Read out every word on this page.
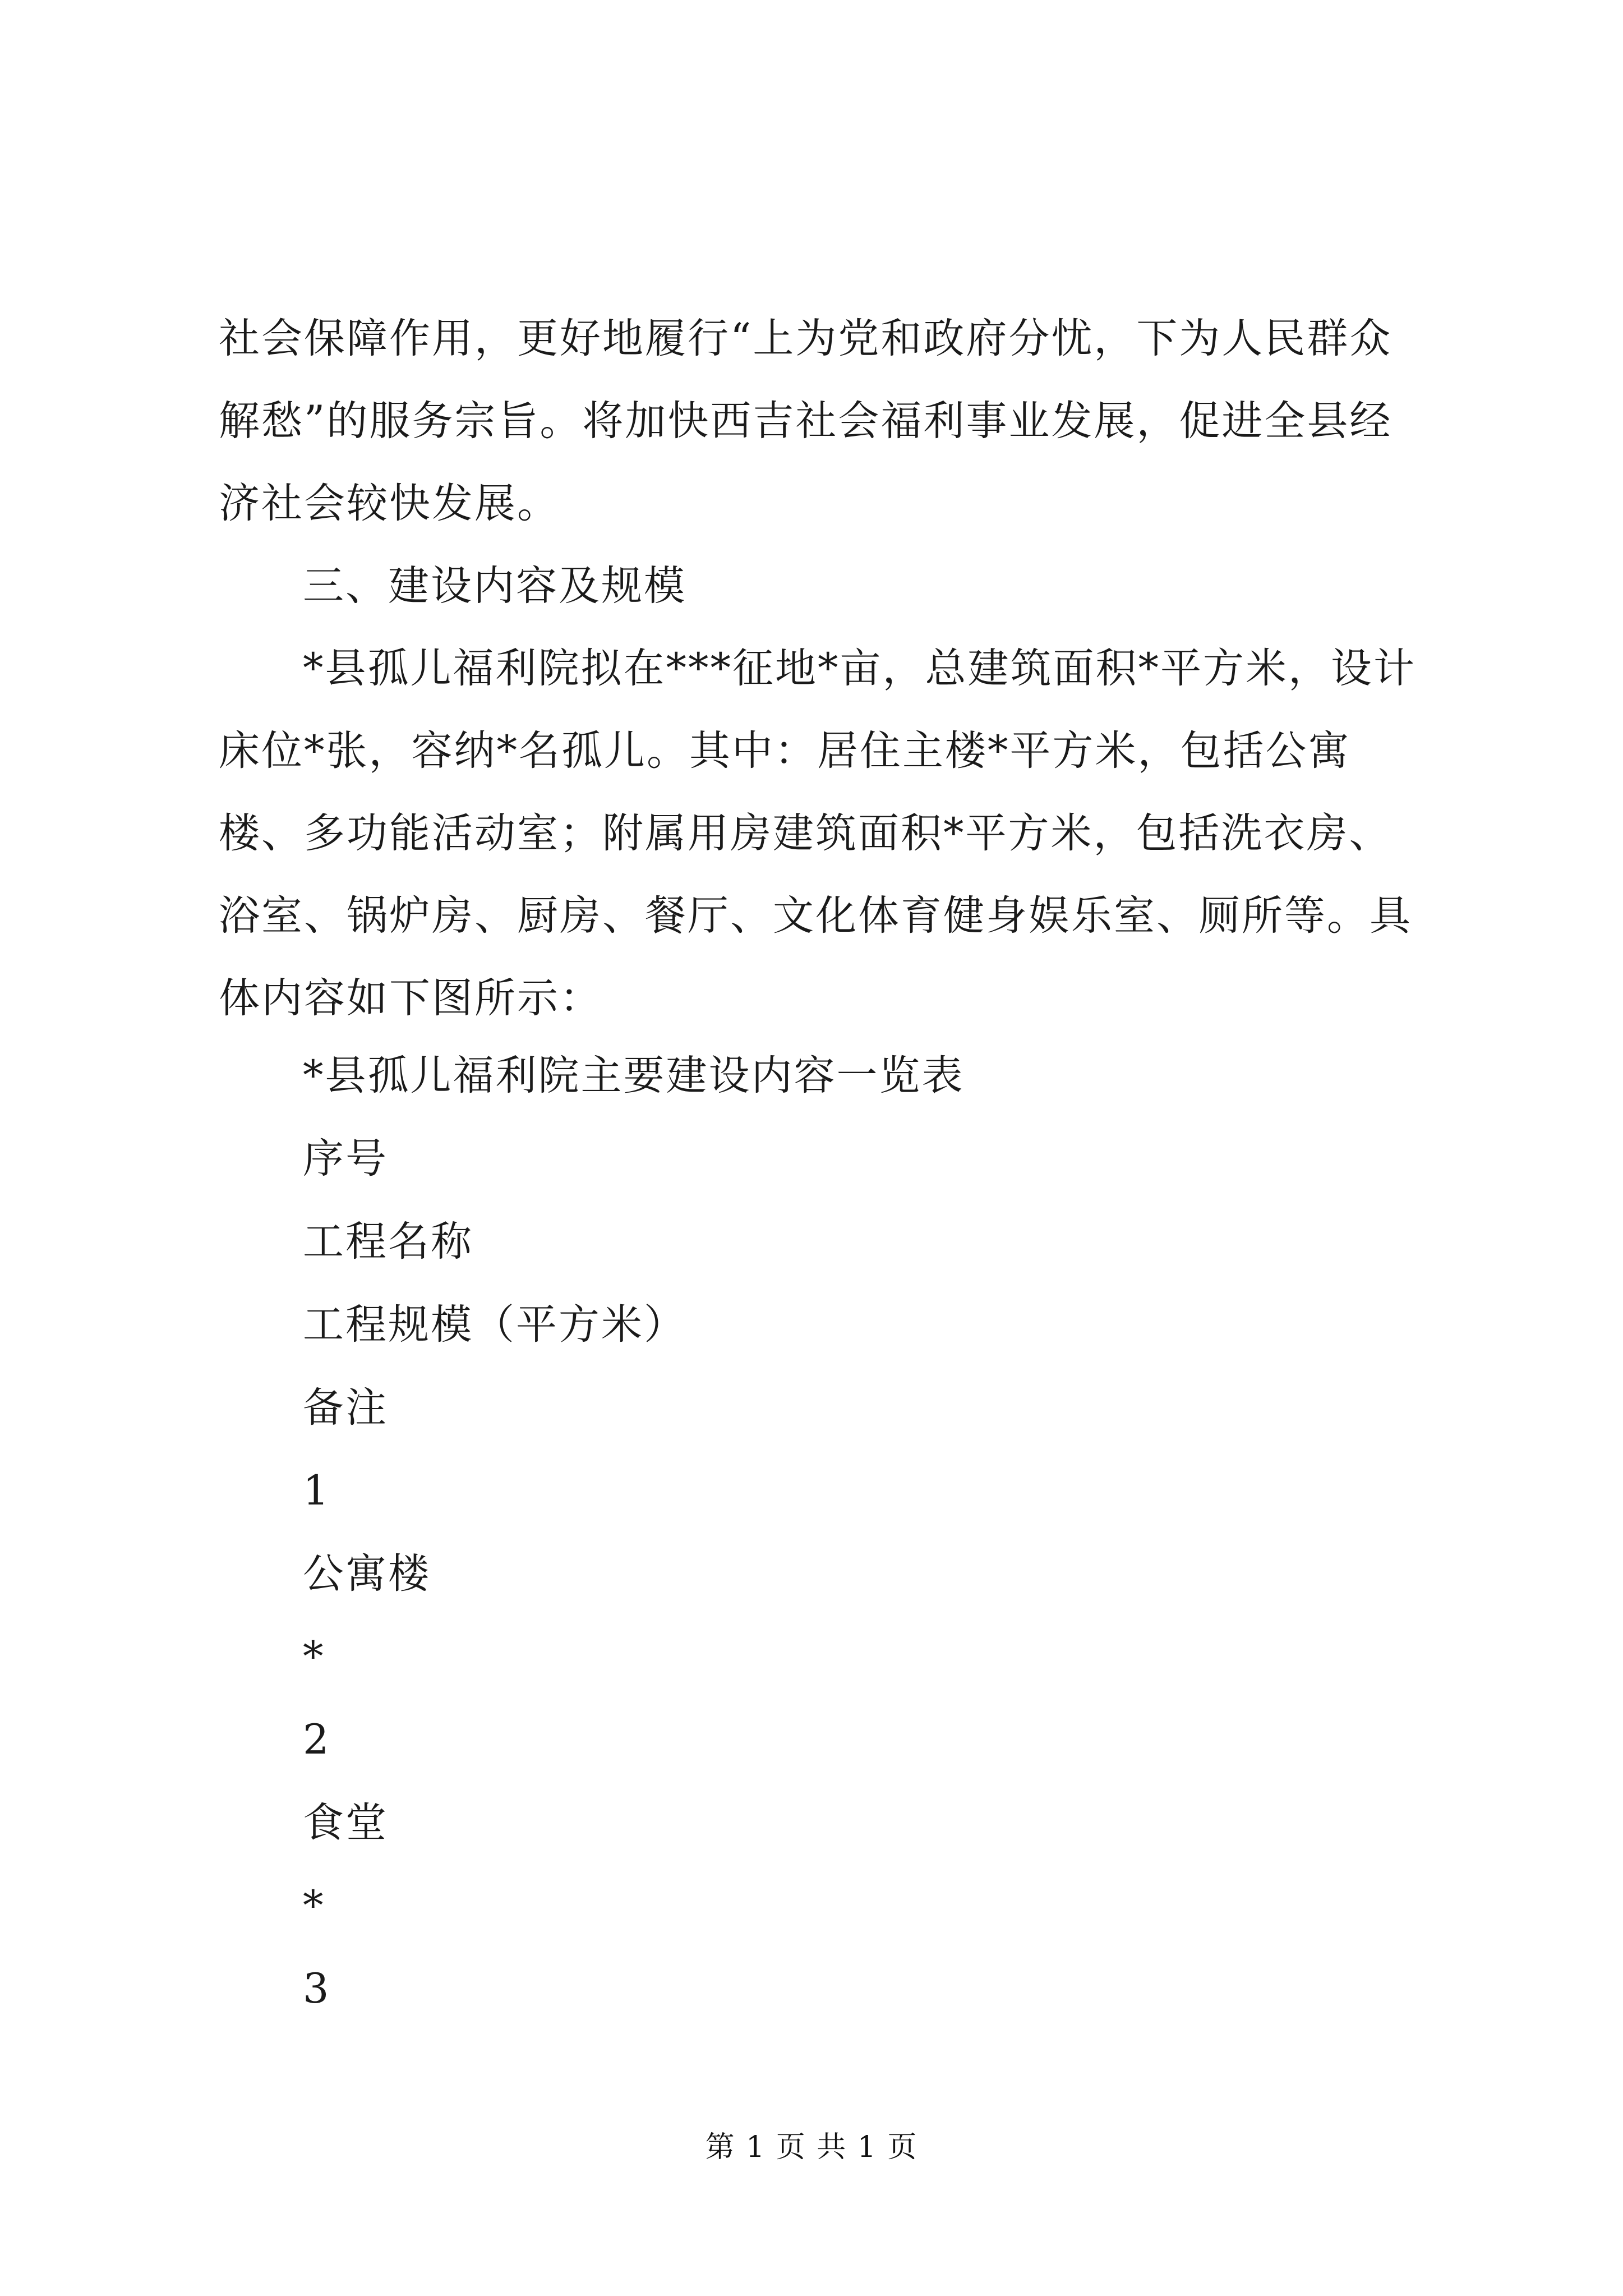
社会保障作用，更好地履行“上为党和政府分忧，下为人民群众解愁”的服务宗旨。将加快西吉社会福利事业发展，促进全县经济社会较快发展。

三、建设内容及规模

*县孤儿福利院拟在***征地*亩，总建筑面积*平方米，设计床位*张，容纳*名孤儿。其中：居住主楼*平方米，包括公寓楼、多功能活动室；附属用房建筑面积*平方米，包括洗衣房、浴室、锅炉房、厨房、餐厅、文化体育健身娱乐室、厕所等。具体内容如下图所示：

*县孤儿福利院主要建设内容一览表
序号
工程名称
工程规模（平方米）
备注
1
公寓楼
*
2
食堂
*
3
第 1 页 共 1 页
